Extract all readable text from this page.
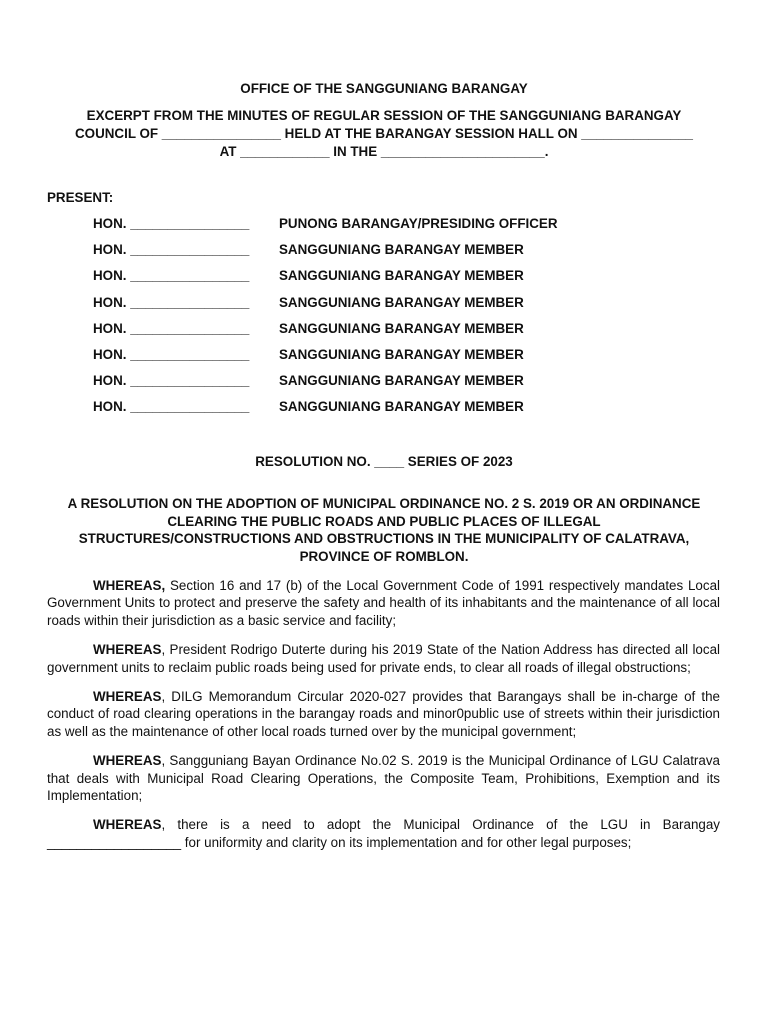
OFFICE OF THE SANGGUNIANG BARANGAY
EXCERPT FROM THE MINUTES OF REGULAR SESSION OF THE SANGGUNIANG BARANGAY
COUNCIL OF ________________ HELD AT THE BARANGAY SESSION HALL ON _______________
AT ____________ IN THE ______________________.
PRESENT:
HON. ________________ PUNONG BARANGAY/PRESIDING OFFICER
HON. ________________ SANGGUNIANG BARANGAY MEMBER
HON. ________________ SANGGUNIANG BARANGAY MEMBER
HON. ________________ SANGGUNIANG BARANGAY MEMBER
HON. ________________ SANGGUNIANG BARANGAY MEMBER
HON. ________________ SANGGUNIANG BARANGAY MEMBER
HON. ________________ SANGGUNIANG BARANGAY MEMBER
HON. ________________ SANGGUNIANG BARANGAY MEMBER
RESOLUTION NO. ____ SERIES OF 2023
A RESOLUTION ON THE ADOPTION OF MUNICIPAL ORDINANCE NO. 2 S. 2019 OR AN ORDINANCE
CLEARING THE PUBLIC ROADS AND PUBLIC PLACES OF ILLEGAL
STRUCTURES/CONSTRUCTIONS AND OBSTRUCTIONS IN THE MUNICIPALITY OF CALATRAVA,
PROVINCE OF ROMBLON.

WHEREAS, Section 16 and 17 (b) of the Local Government Code of 1991 respectively mandates Local Government Units to protect and preserve the safety and health of its inhabitants and the maintenance of all local roads within their jurisdiction as a basic service and facility;

WHEREAS, President Rodrigo Duterte during his 2019 State of the Nation Address has directed all local government units to reclaim public roads being used for private ends, to clear all roads of illegal obstructions;

WHEREAS, DILG Memorandum Circular 2020-027 provides that Barangays shall be in-charge of the conduct of road clearing operations in the barangay roads and minor0public use of streets within their jurisdiction as well as the maintenance of other local roads turned over by the municipal government;

WHEREAS, Sangguniang Bayan Ordinance No.02 S. 2019 is the Municipal Ordinance of LGU Calatrava that deals with Municipal Road Clearing Operations, the Composite Team, Prohibitions, Exemption and its Implementation;

WHEREAS, there is a need to adopt the Municipal Ordinance of the LGU in Barangay __________________ for uniformity and clarity on its implementation and for other legal purposes;
